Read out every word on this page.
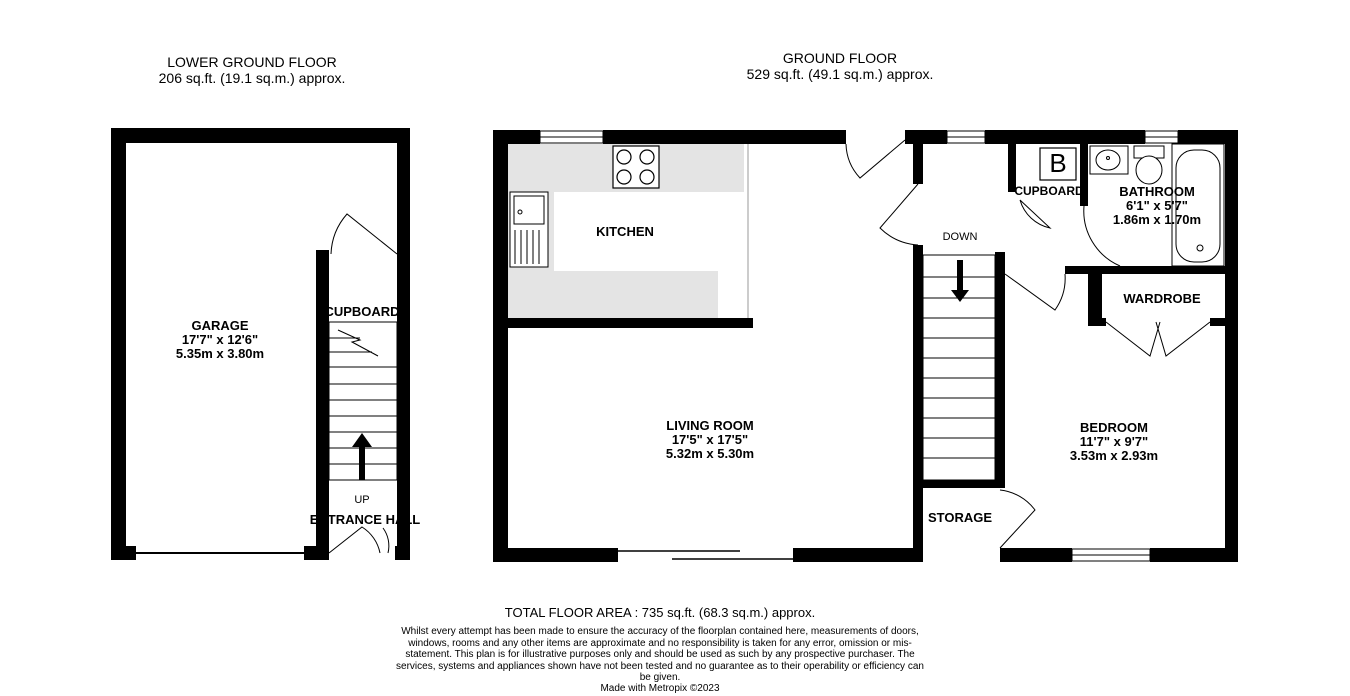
LOWER GROUND FLOOR
206 sq.ft. (19.1 sq.m.) approx.
GROUND FLOOR
529 sq.ft. (49.1 sq.m.) approx.
GARAGE
17'7" x 12'6"
5.35m x 3.80m
CUPBOARD
UP
ENTRANCE HALL
KITCHEN
LIVING ROOM
17'5" x 17'5"
5.32m x 5.30m
DOWN
CUPBOARD
B
BATHROOM
6'1" x 5'7"
1.86m x 1.70m
WARDROBE
BEDROOM
11'7" x 9'7"
3.53m x 2.93m
STORAGE
TOTAL FLOOR AREA : 735 sq.ft. (68.3 sq.m.) approx.
Whilst every attempt has been made to ensure the accuracy of the floorplan contained here, measurements of doors, windows, rooms and any other items are approximate and no responsibility is taken for any error, omission or mis-statement. This plan is for illustrative purposes only and should be used as such by any prospective purchaser. The services, systems and appliances shown have not been tested and no guarantee as to their operability or efficiency can be given.
Made with Metropix ©2023
